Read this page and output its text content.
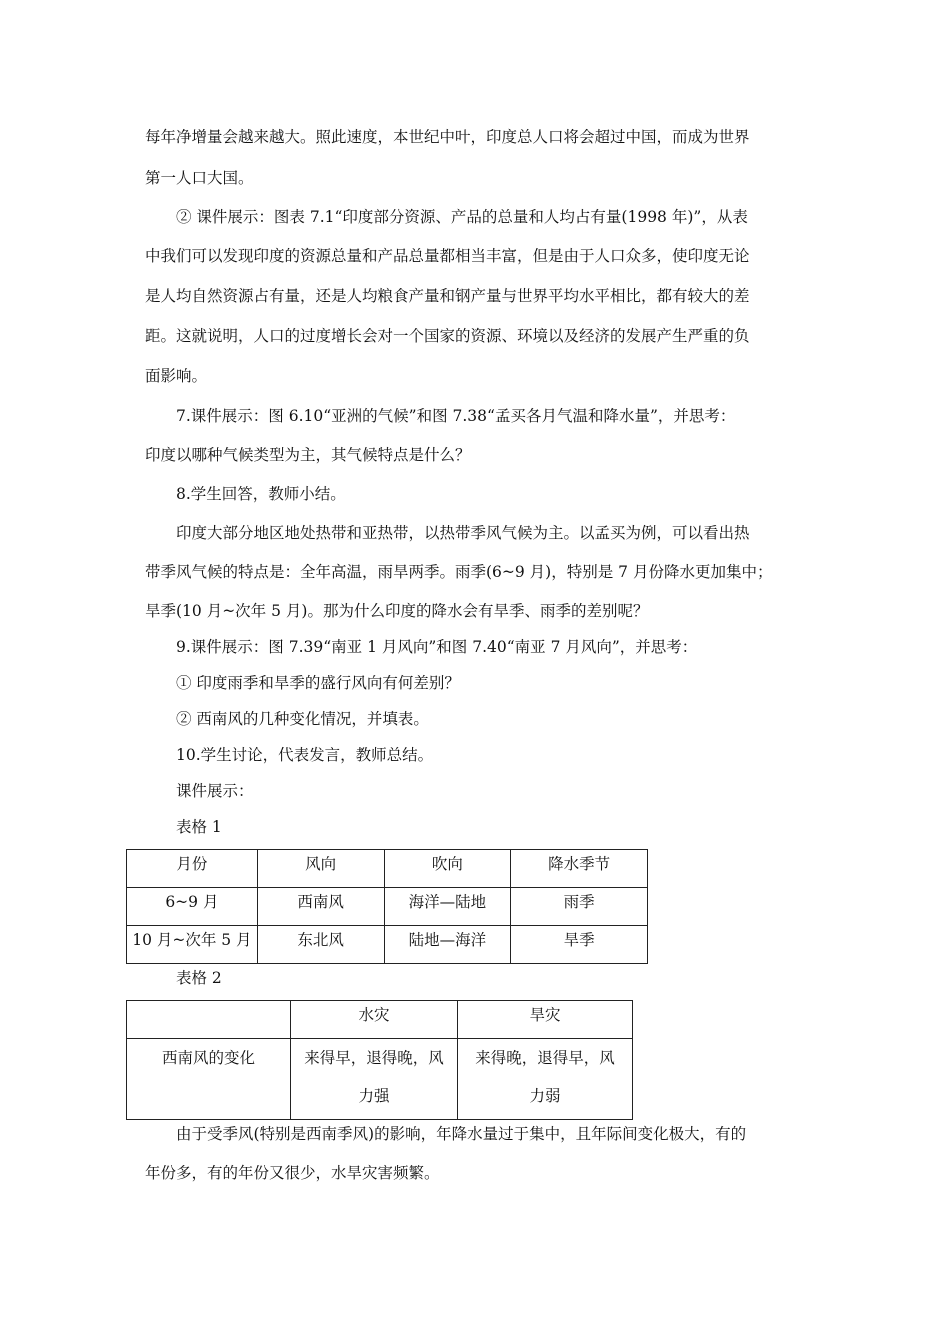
每年净增量会越来越大。照此速度，本世纪中叶，印度总人口将会超过中国，而成为世界
第一人口大国。
② 课件展示：图表 7.1“印度部分资源、产品的总量和人均占有量(1998 年)”，从表
中我们可以发现印度的资源总量和产品总量都相当丰富，但是由于人口众多，使印度无论
是人均自然资源占有量，还是人均粮食产量和钢产量与世界平均水平相比，都有较大的差
距。这就说明，人口的过度增长会对一个国家的资源、环境以及经济的发展产生严重的负
面影响。
7.课件展示：图 6.10“亚洲的气候”和图 7.38“孟买各月气温和降水量”，并思考：
印度以哪种气候类型为主，其气候特点是什么？
8.学生回答，教师小结。
印度大部分地区地处热带和亚热带，以热带季风气候为主。以孟买为例，可以看出热
带季风气候的特点是：全年高温，雨旱两季。雨季(6~9 月)，特别是 7 月份降水更加集中；
旱季(10 月~次年 5 月)。那为什么印度的降水会有旱季、雨季的差别呢？
9.课件展示：图 7.39“南亚 1 月风向”和图 7.40“南亚 7 月风向”，并思考：
① 印度雨季和旱季的盛行风向有何差别？
② 西南风的几种变化情况，并填表。
10.学生讨论，代表发言，教师总结。
课件展示：
表格 1
月份	风向	吹向	降水季节
6~9 月	西南风	海洋—陆地	雨季
10 月~次年 5 月	东北风	陆地—海洋	旱季
表格 2
	水灾	旱灾
西南风的变化	来得早，退得晚，风力强	来得晚，退得早，风力弱
由于受季风(特别是西南季风)的影响，年降水量过于集中，且年际间变化极大，有的
年份多，有的年份又很少，水旱灾害频繁。
